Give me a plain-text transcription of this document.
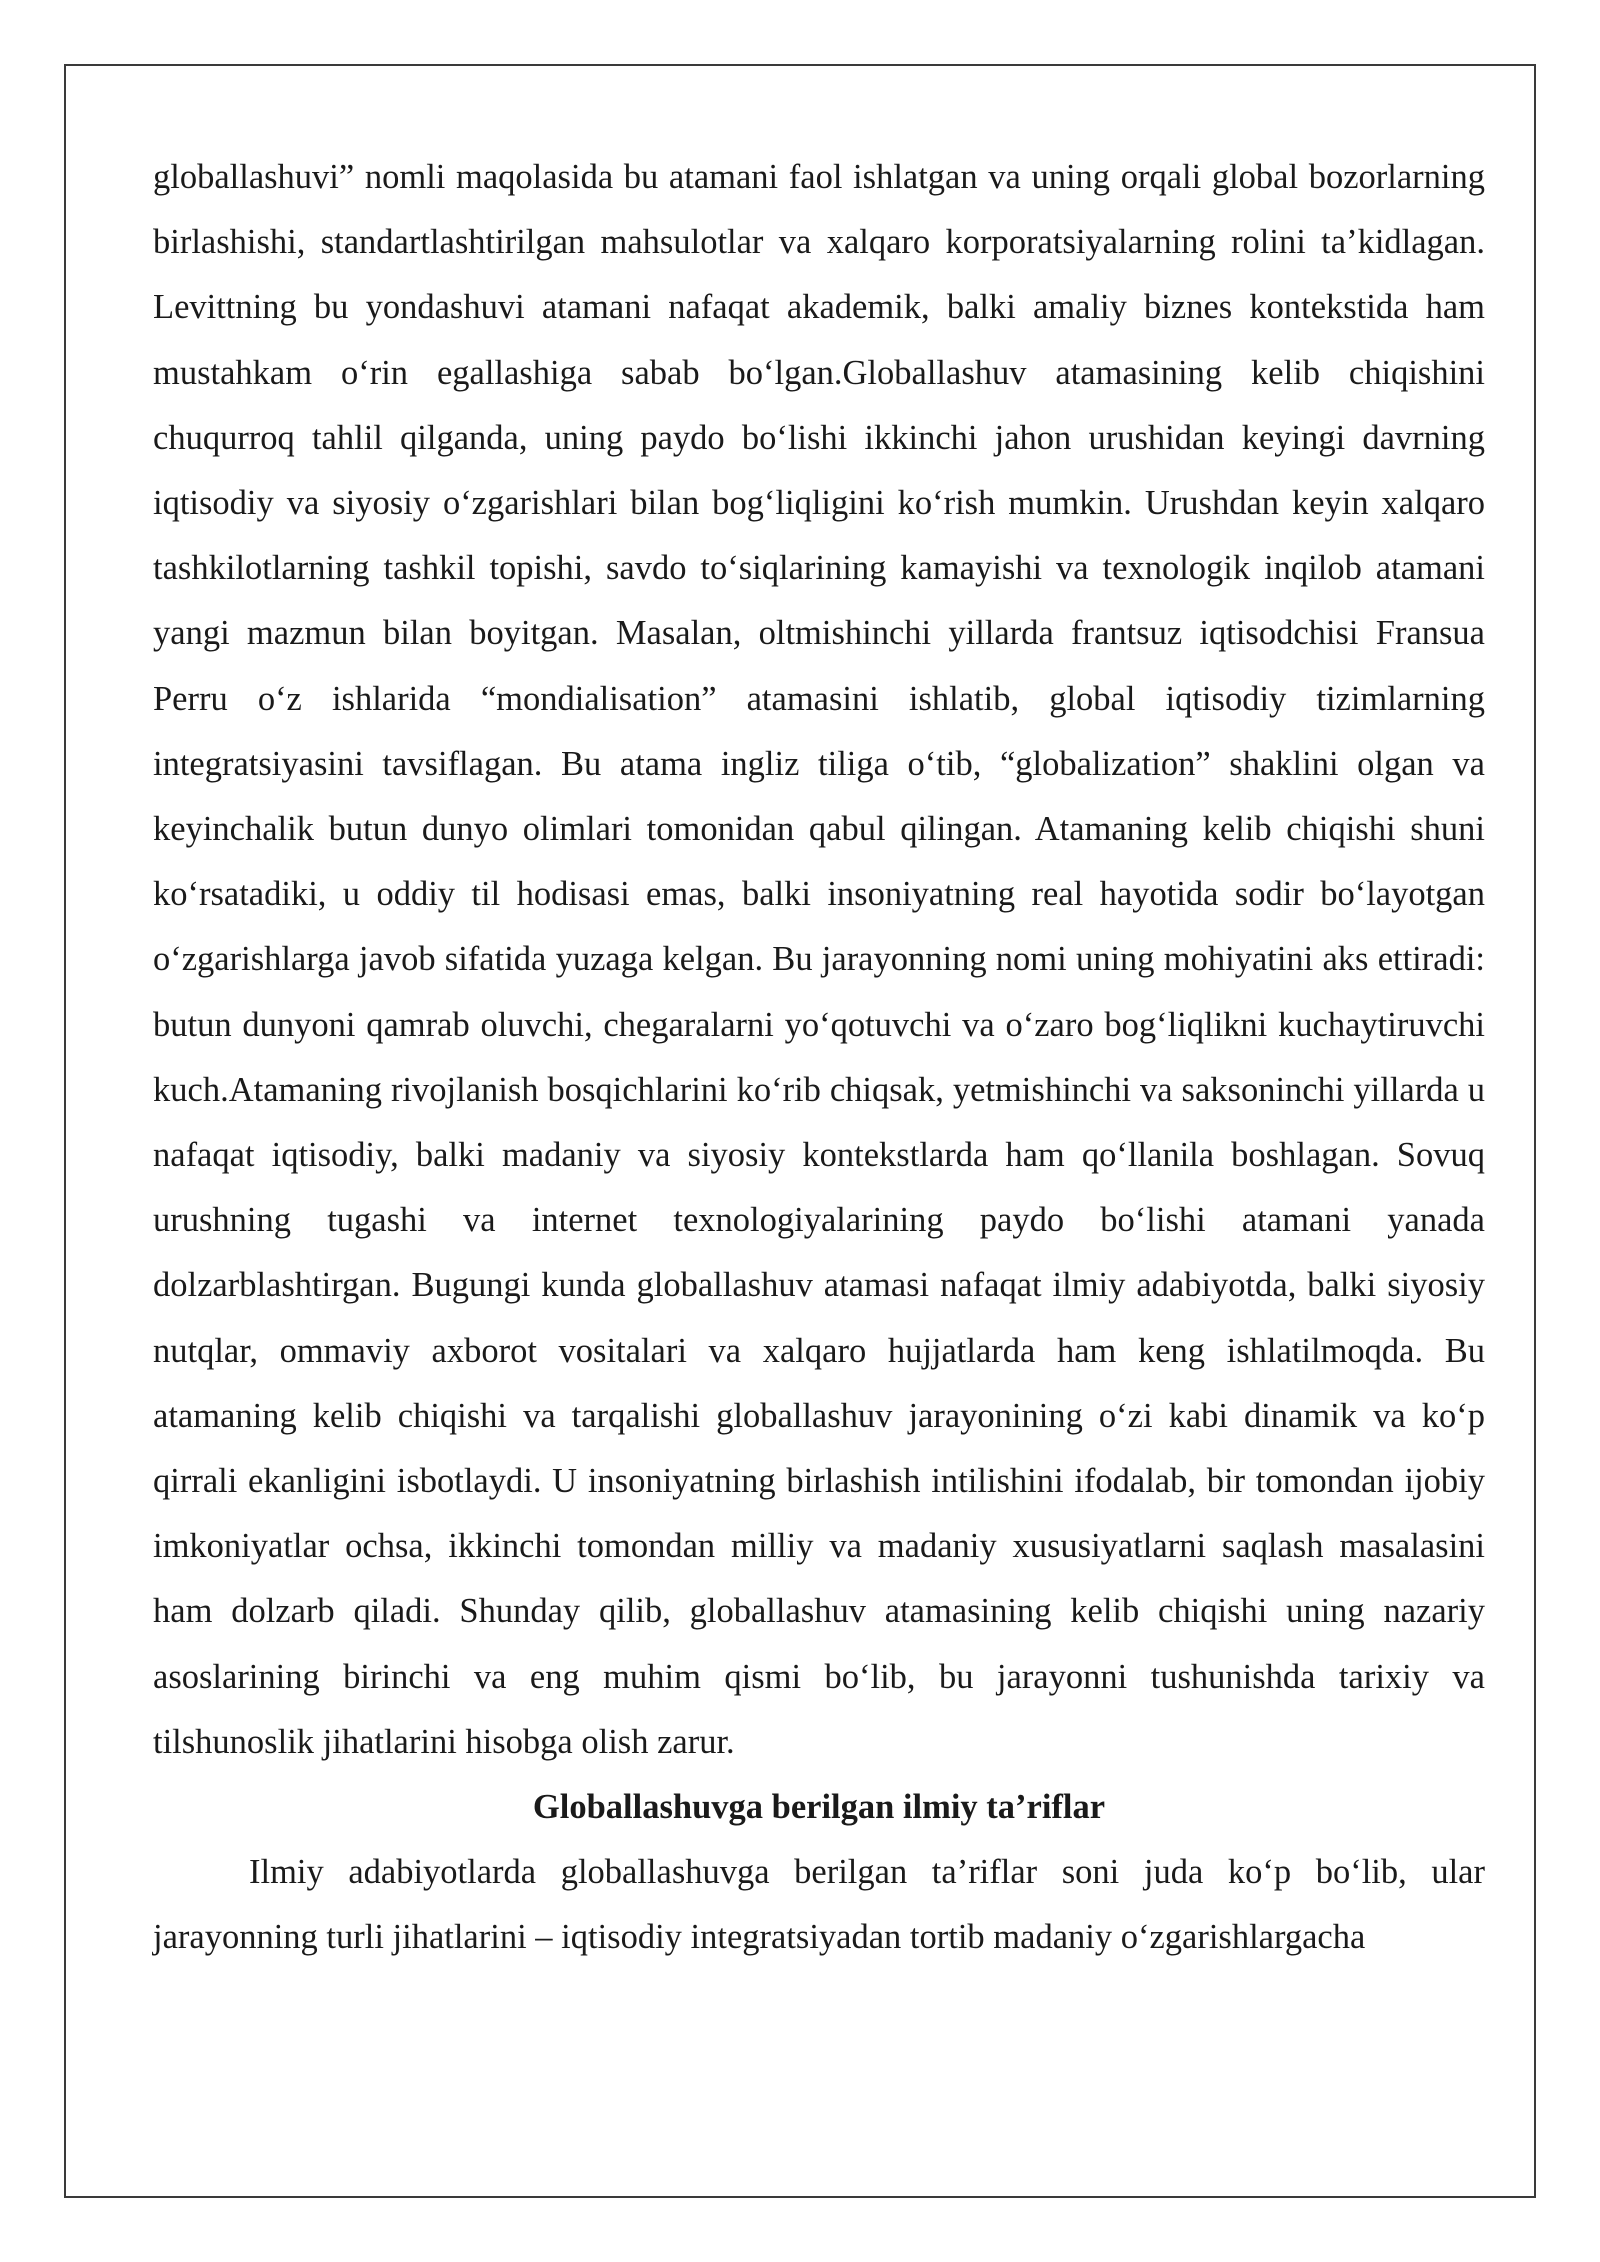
globallashuvi” nomli maqolasida bu atamani faol ishlatgan va uning orqali global bozorlarning birlashishi, standartlashtirilgan mahsulotlar va xalqaro korporatsiyalarning rolini ta’kidlagan. Levittning bu yondashuvi atamani nafaqat akademik, balki amaliy biznes kontekstida ham mustahkam o‘rin egallashiga sabab bo‘lgan.Globallashuv atamasining kelib chiqishini chuqurroq tahlil qilganda, uning paydo bo‘lishi ikkinchi jahon urushidan keyingi davrning iqtisodiy va siyosiy o‘zgarishlari bilan bog‘liqligini ko‘rish mumkin. Urushdan keyin xalqaro tashkilotlarning tashkil topishi, savdo to‘siqlarining kamayishi va texnologik inqilob atamani yangi mazmun bilan boyitgan. Masalan, oltmishinchi yillarda frantsuz iqtisodchisi Fransua Perru o‘z ishlarida “mondialisation” atamasini ishlatib, global iqtisodiy tizimlarning integratsiyasini tavsiflagan. Bu atama ingliz tiliga o‘tib, “globalization” shaklini olgan va keyinchalik butun dunyo olimlari tomonidan qabul qilingan. Atamaning kelib chiqishi shuni ko‘rsatadiki, u oddiy til hodisasi emas, balki insoniyatning real hayotida sodir bo‘layotgan o‘zgarishlarga javob sifatida yuzaga kelgan. Bu jarayonning nomi uning mohiyatini aks ettiradi: butun dunyoni qamrab oluvchi, chegaralarni yo‘qotuvchi va o‘zaro bog‘liqlikni kuchaytiruvchi kuch.Atamaning rivojlanish bosqichlarini ko‘rib chiqsak, yetmishinchi va saksoninchi yillarda u nafaqat iqtisodiy, balki madaniy va siyosiy kontekstlarda ham qo‘llanila boshlagan. Sovuq urushning tugashi va internet texnologiyalarining paydo bo‘lishi atamani yanada dolzarblashtirgan. Bugungi kunda globallashuv atamasi nafaqat ilmiy adabiyotda, balki siyosiy nutqlar, ommaviy axborot vositalari va xalqaro hujjatlarda ham keng ishlatilmoqda. Bu atamaning kelib chiqishi va tarqalishi globallashuv jarayonining o‘zi kabi dinamik va ko‘p qirrali ekanligini isbotlaydi. U insoniyatning birlashish intilishini ifodalab, bir tomondan ijobiy imkoniyatlar ochsa, ikkinchi tomondan milliy va madaniy xususiyatlarni saqlash masalasini ham dolzarb qiladi. Shunday qilib, globallashuv atamasining kelib chiqishi uning nazariy asoslarining birinchi va eng muhim qismi bo‘lib, bu jarayonni tushunishda tarixiy va tilshunoslik jihatlarini hisobga olish zarur.

Globallashuvga berilgan ilmiy ta’riflar

Ilmiy adabiyotlarda globallashuvga berilgan ta’riflar soni juda ko‘p bo‘lib, ular jarayonning turli jihatlarini – iqtisodiy integratsiyadan tortib madaniy o‘zgarishlargacha
